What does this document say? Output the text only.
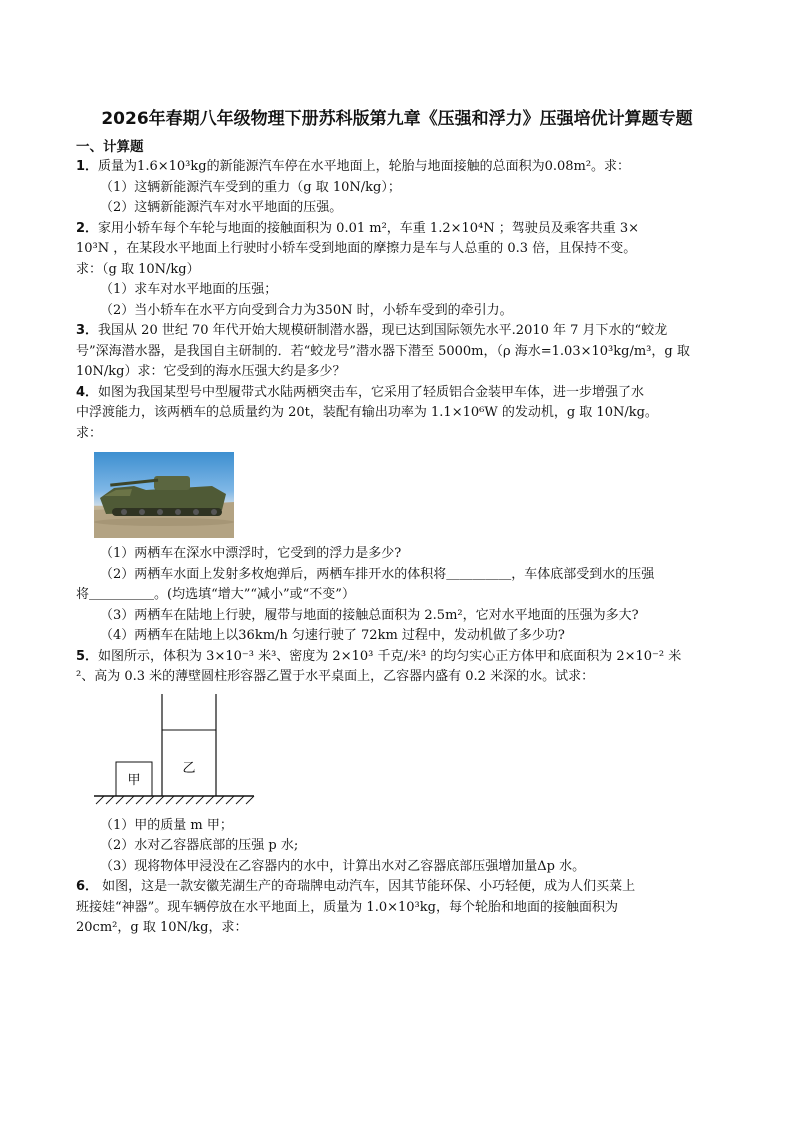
2026年春期八年级物理下册苏科版第九章《压强和浮力》压强培优计算题专题
一、计算题
1．质量为1.6×10³kg的新能源汽车停在水平地面上，轮胎与地面接触的总面积为0.08m²。求：
（1）这辆新能源汽车受到的重力（g 取 10N/kg）；
（2）这辆新能源汽车对水平地面的压强。
2．家用小轿车每个车轮与地面的接触面积为 0.01 m²，车重 1.2×10⁴N ；驾驶员及乘客共重 3×
10³N ，在某段水平地面上行驶时小轿车受到地面的摩擦力是车与人总重的 0.3 倍，且保持不变。
求：（g 取 10N/kg）
（1）求车对水平地面的压强；
（2）当小轿车在水平方向受到合力为350N 时，小轿车受到的牵引力。
3．我国从 20 世纪 70 年代开始大规模研制潜水器，现已达到国际领先水平.2010 年 7 月下水的“蛟龙
号”深海潜水器，是我国自主研制的．若“蛟龙号”潜水器下潜至 5000m，（ρ 海水=1.03×10³kg/m³，g 取
10N/kg）求：它受到的海水压强大约是多少？
4．如图为我国某型号中型履带式水陆两栖突击车，它采用了轻质铝合金装甲车体，进一步增强了水
中浮渡能力，该两栖车的总质量约为 20t，装配有输出功率为 1.1×10⁶W 的发动机，g 取 10N/kg。
求：
（1）两栖车在深水中漂浮时，它受到的浮力是多少?
（2）两栖车水面上发射多枚炮弹后，两栖车排开水的体积将＿＿＿＿＿，车体底部受到水的压强
将＿＿＿＿＿。(均选填“增大”“减小”或“不变”）
（3）两栖车在陆地上行驶，履带与地面的接触总面积为 2.5m²，它对水平地面的压强为多大?
（4）两栖车在陆地上以36km/h 匀速行驶了 72km 过程中，发动机做了多少功?
5．如图所示，体积为 3×10⁻³ 米³、密度为 2×10³ 千克/米³ 的均匀实心正方体甲和底面积为 2×10⁻² 米
²、高为 0.3 米的薄壁圆柱形容器乙置于水平桌面上，乙容器内盛有 0.2 米深的水。试求：
甲
乙
（1）甲的质量 m 甲；
（2）水对乙容器底部的压强 p 水;
（3）现将物体甲浸没在乙容器内的水中，计算出水对乙容器底部压强增加量Δp 水。
6． 如图，这是一款安徽芜湖生产的奇瑞牌电动汽车，因其节能环保、小巧轻便，成为人们买菜上
班接娃“神器”。现车辆停放在水平地面上，质量为 1.0×10³kg，每个轮胎和地面的接触面积为
20cm²，g 取 10N/kg，求：
